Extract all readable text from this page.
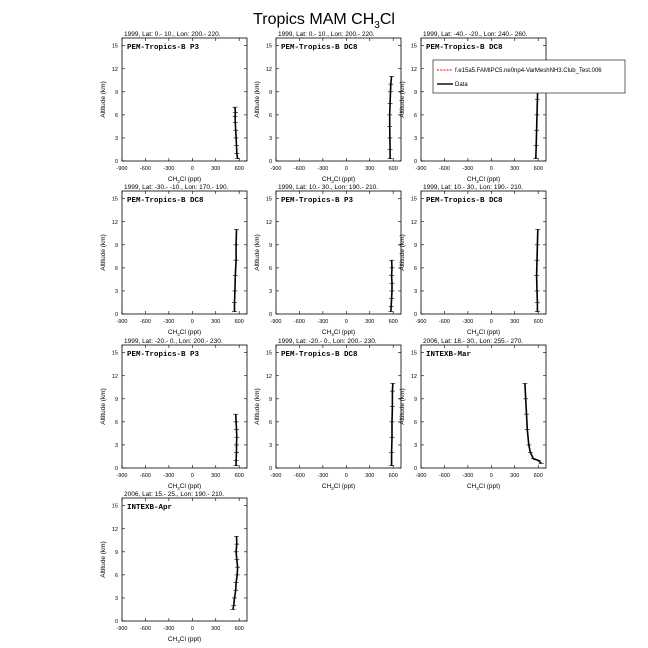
Tropics MAM $CH_3Cl$
1999, Lat: 0.- 10., Lon: 200.- 220.
0
3
6
9
12
15
-900 -600 -300	0	300	600
Altitude (km)
$CH_3Cl$ (ppt)
PEM-Tropics-B P3
1999, Lat: 0.- 10., Lon: 200.- 220.
0
3
6
9
12
15
-900 -600 -300	0	300	600
Altitude (km)
$CH_3Cl$ (ppt)
PEM-Tropics-B DC8
1999, Lat: -40.- -20., Lon: 240.- 260.
0
3
6
9
12
15
-900 -600 -300	0	300	600
Altitude (km)
$CH_3Cl$ (ppt)
PEM-Tropics-B DC8
f.e15a5.FAMIPC5.ne0np4-VarMeshNH3.Club_Test.006
Data
1999, Lat: -30.- -10., Lon: 170.- 190.
0
3
6
9
12
15
-900 -600 -300	0	300	600
Altitude (km)
$CH_3Cl$ (ppt)
PEM-Tropics-B DC8
1999, Lat: 10.- 30., Lon: 190.- 210.
0
3
6
9
12
15
-900 -600 -300	0	300	600
Altitude (km)
$CH_3Cl$ (ppt)
PEM-Tropics-B P3
1999, Lat: 10.- 30., Lon: 190.- 210.
0
3
6
9
12
15
-900 -600 -300	0	300	600
Altitude (km)
$CH_3Cl$ (ppt)
PEM-Tropics-B DC8
1999, Lat: -20.- 0., Lon: 200.- 230.
0
3
6
9
12
15
-900 -600 -300	0	300	600
Altitude (km)
$CH_3Cl$ (ppt)
PEM-Tropics-B P3
1999, Lat: -20.- 0., Lon: 200.- 230.
0
3
6
9
12
15
-900 -600 -300	0	300	600
Altitude (km)
$CH_3Cl$ (ppt)
PEM-Tropics-B DC8
2006, Lat: 18.- 30., Lon: 255.- 270.
0
3
6
9
12
15
-900 -600 -300	0	300	600
Altitude (km)
$CH_3Cl$ (ppt)
INTEXB-Mar
2006, Lat: 15.- 25., Lon: 190.- 210.
0
3
6
9
12
15
-900 -600 -300	0	300	600
Altitude (km)
$CH_3Cl$ (ppt)
INTEXB-Apr
